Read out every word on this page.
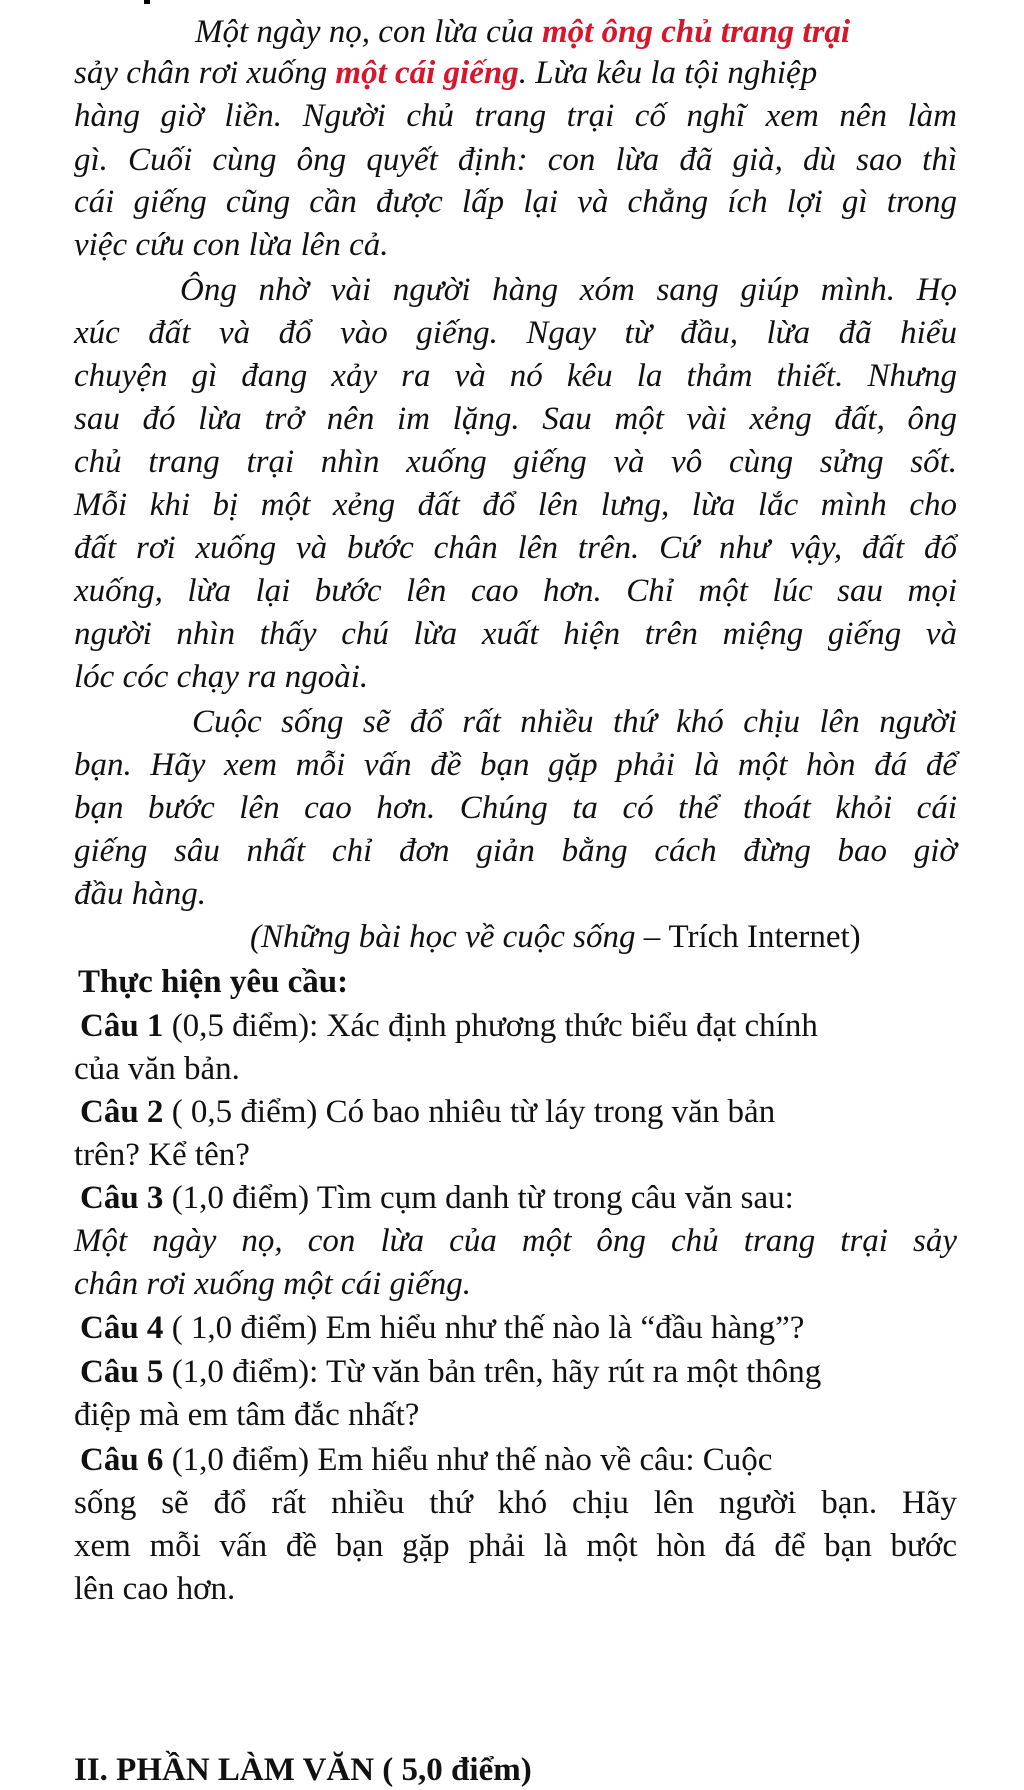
Một ngày nọ, con lừa của một ông chủ trang trại
sảy chân rơi xuống một cái giếng. Lừa kêu la tội nghiệp
hàng giờ liền. Người chủ trang trại cố nghĩ xem nên làm
gì. Cuối cùng ông quyết định: con lừa đã già, dù sao thì
cái giếng cũng cần được lấp lại và chẳng ích lợi gì trong
việc cứu con lừa lên cả.
Ông nhờ vài người hàng xóm sang giúp mình. Họ
xúc đất và đổ vào giếng. Ngay từ đầu, lừa đã hiểu
chuyện gì đang xảy ra và nó kêu la thảm thiết. Nhưng
sau đó lừa trở nên im lặng. Sau một vài xẻng đất, ông
chủ trang trại nhìn xuống giếng và vô cùng sửng sốt.
Mỗi khi bị một xẻng đất đổ lên lưng, lừa lắc mình cho
đất rơi xuống và bước chân lên trên. Cứ như vậy, đất đổ
xuống, lừa lại bước lên cao hơn. Chỉ một lúc sau mọi
người nhìn thấy chú lừa xuất hiện trên miệng giếng và
lóc cóc chạy ra ngoài.
Cuộc sống sẽ đổ rất nhiều thứ khó chịu lên người
bạn. Hãy xem mỗi vấn đề bạn gặp phải là một hòn đá để
bạn bước lên cao hơn. Chúng ta có thể thoát khỏi cái
giếng sâu nhất chỉ đơn giản bằng cách đừng bao giờ
đầu hàng.
(Những bài học về cuộc sống – Trích Internet)
Thực hiện yêu cầu:
Câu 1 (0,5 điểm): Xác định phương thức biểu đạt chính
của văn bản.
Câu 2 ( 0,5 điểm) Có bao nhiêu từ láy trong văn bản
trên? Kể tên?
Câu 3 (1,0 điểm) Tìm cụm danh từ trong câu văn sau:
Một ngày nọ, con lừa của một ông chủ trang trại sảy
chân rơi xuống một cái giếng.
Câu 4 ( 1,0 điểm) Em hiểu như thế nào là “đầu hàng”?
Câu 5 (1,0 điểm): Từ văn bản trên, hãy rút ra một thông
điệp mà em tâm đắc nhất?
Câu 6 (1,0 điểm) Em hiểu như thế nào về câu: Cuộc
sống sẽ đổ rất nhiều thứ khó chịu lên người bạn. Hãy
xem mỗi vấn đề bạn gặp phải là một hòn đá để bạn bước
lên cao hơn.
II. PHẦN LÀM VĂN ( 5,0 điểm)
